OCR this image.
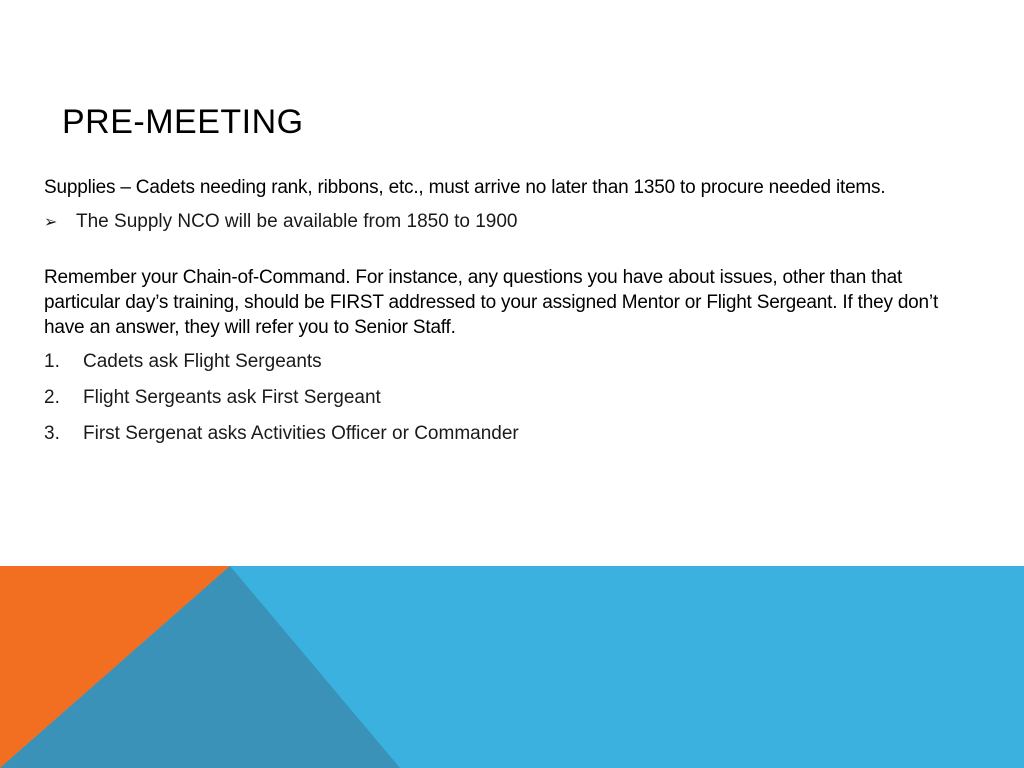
PRE-MEETING

Supplies – Cadets needing rank, ribbons, etc., must arrive no later than 1350 to procure needed items.

➢ The Supply NCO will be available from 1850 to 1900

Remember your Chain-of-Command. For instance, any questions you have about issues, other than that particular day’s training, should be FIRST addressed to your assigned Mentor or Flight Sergeant. If they don’t have an answer, they will refer you to Senior Staff.

1.	Cadets ask Flight Sergeants
2.	Flight Sergeants ask First Sergeant
3.	First Sergenat asks Activities Officer or Commander
